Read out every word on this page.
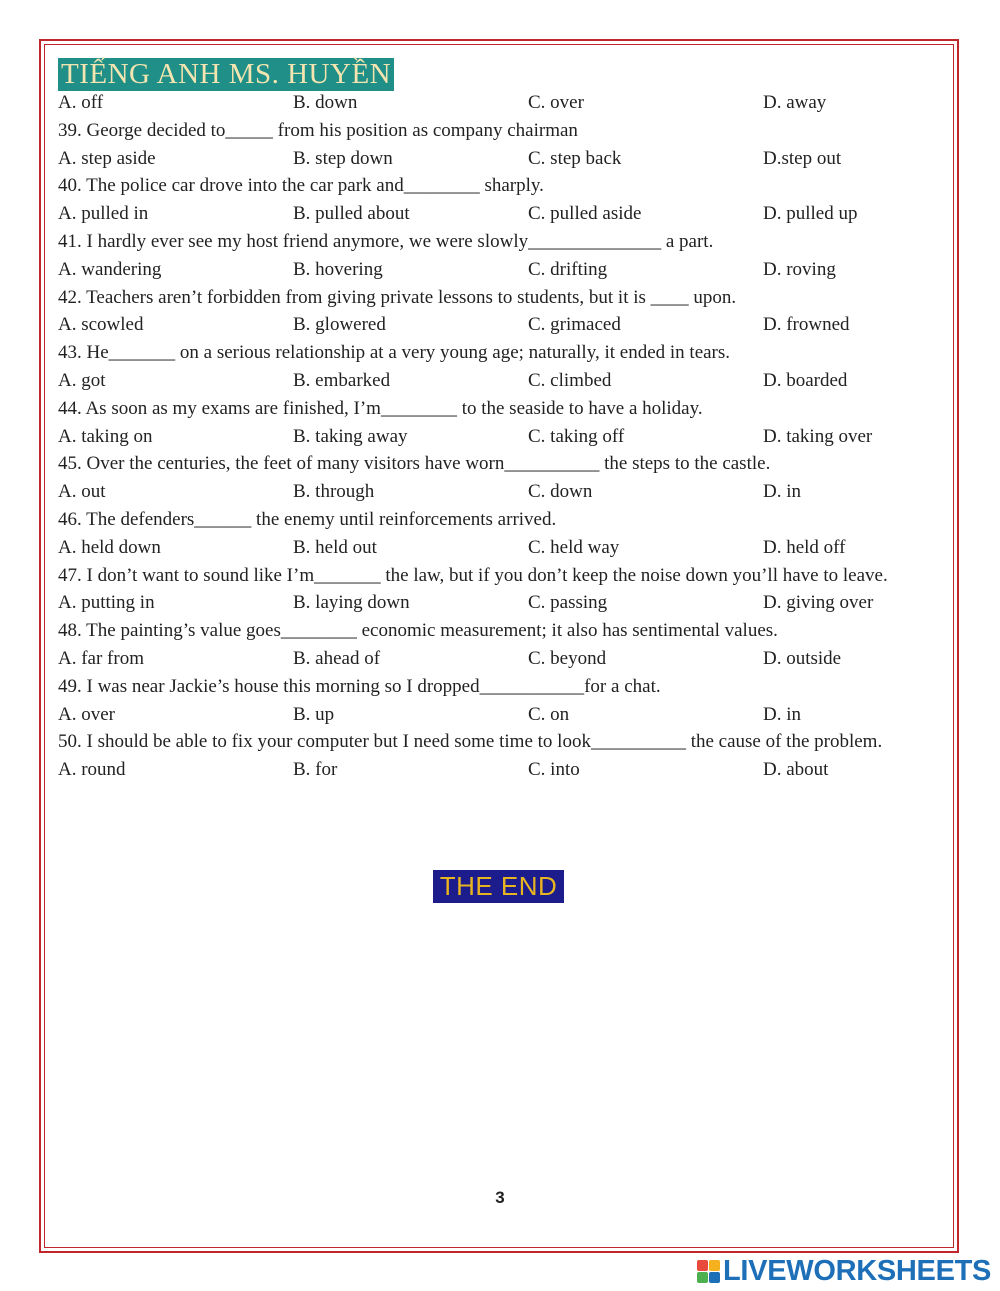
TIẾNG ANH MS. HUYỀN
A. off	B. down	C. over	D. away
39. George decided to_____ from his position as company chairman
A. step aside	B. step down	C. step back	D.step out
40. The police car drove into the car park and________ sharply.
A. pulled in	B. pulled about	C. pulled aside	D. pulled up
41. I hardly ever see my host friend anymore, we were slowly______________ a part.
A. wandering	B. hovering	C. drifting	D. roving
42. Teachers aren’t forbidden from giving private lessons to students, but it is ____ upon.
A. scowled	B. glowered	C. grimaced	D. frowned
43. He_______ on a serious relationship at a very young age; naturally, it ended in tears.
A. got	B. embarked	C. climbed	D. boarded
44. As soon as my exams are finished, I’m________ to the seaside to have a holiday.
A. taking on	B. taking away	C. taking off	D. taking over
45. Over the centuries, the feet of many visitors have worn__________ the steps to the castle.
A. out	B. through	C. down	D. in
46. The defenders______ the enemy until reinforcements arrived.
A. held down	B. held out	C. held way	D. held off
47. I don’t want to sound like I’m_______ the law, but if you don’t keep the noise down you’ll have to leave.
A. putting in	B. laying down	C. passing	D. giving over
48. The painting’s value goes________ economic measurement; it also has sentimental values.
A. far from	B. ahead of	C. beyond	D. outside
49. I was near Jackie’s house this morning so I dropped___________for a chat.
A. over	B. up	C. on	D. in
50. I should be able to fix your computer but I need some time to look__________ the cause of the problem.
A. round	B. for	C. into	D. about
THE END
3
LIVEWORKSHEETS
